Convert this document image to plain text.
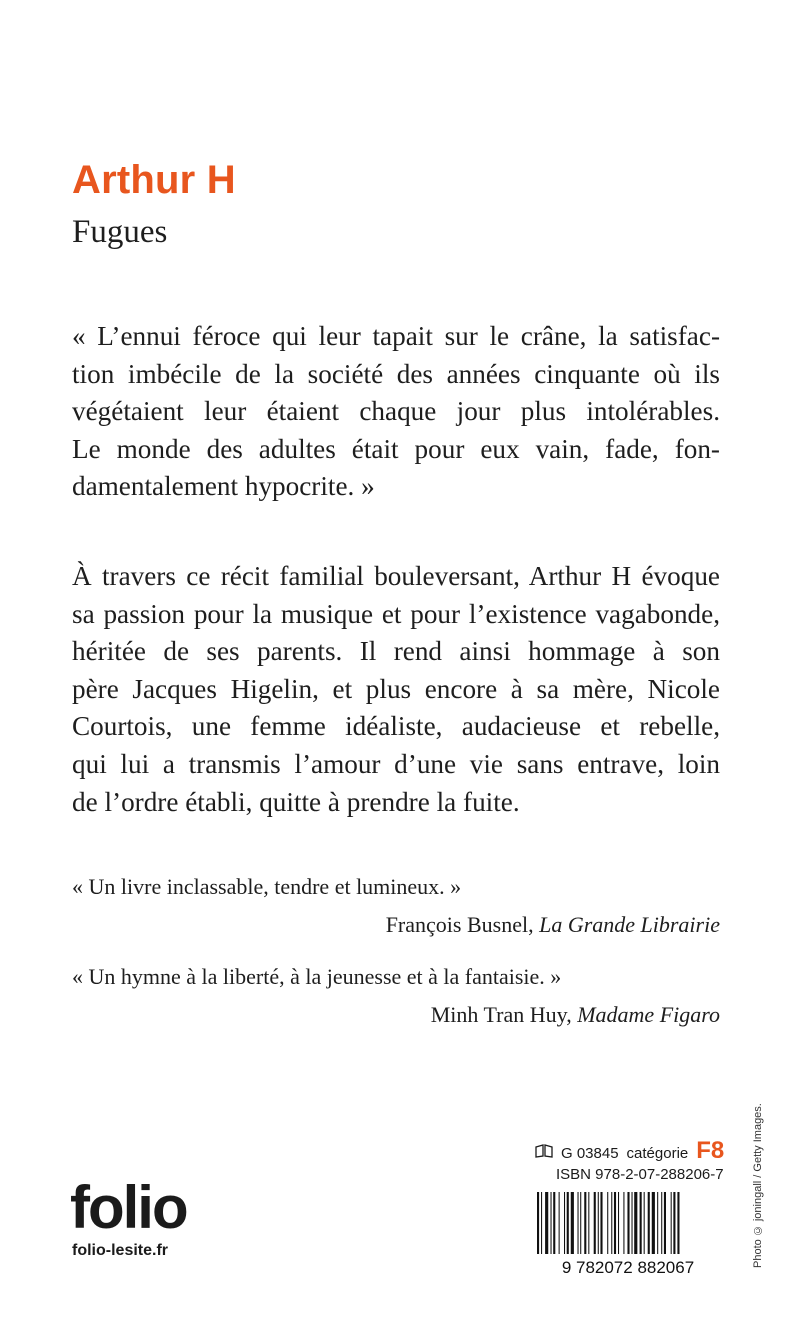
Arthur H
Fugues

« L’ennui féroce qui leur tapait sur le crâne, la satisfac-
tion imbécile de la société des années cinquante où ils
végétaient leur étaient chaque jour plus intolérables.
Le monde des adultes était pour eux vain, fade, fon-
damentalement hypocrite. »

À travers ce récit familial bouleversant, Arthur H évoque
sa passion pour la musique et pour l’existence vagabonde,
héritée de ses parents. Il rend ainsi hommage à son
père Jacques Higelin, et plus encore à sa mère, Nicole
Courtois, une femme idéaliste, audacieuse et rebelle,
qui lui a transmis l’amour d’une vie sans entrave, loin
de l’ordre établi, quitte à prendre la fuite.

« Un livre inclassable, tendre et lumineux. »

François Busnel, La Grande Librairie

« Un hymne à la liberté, à la jeunesse et à la fantaisie. »

Minh Tran Huy, Madame Figaro

folio
folio-lesite.fr
G 03845 catégorie F8
ISBN 978-2-07-288206-7
9 782072 882067	Photo © joningall / Getty Images.
